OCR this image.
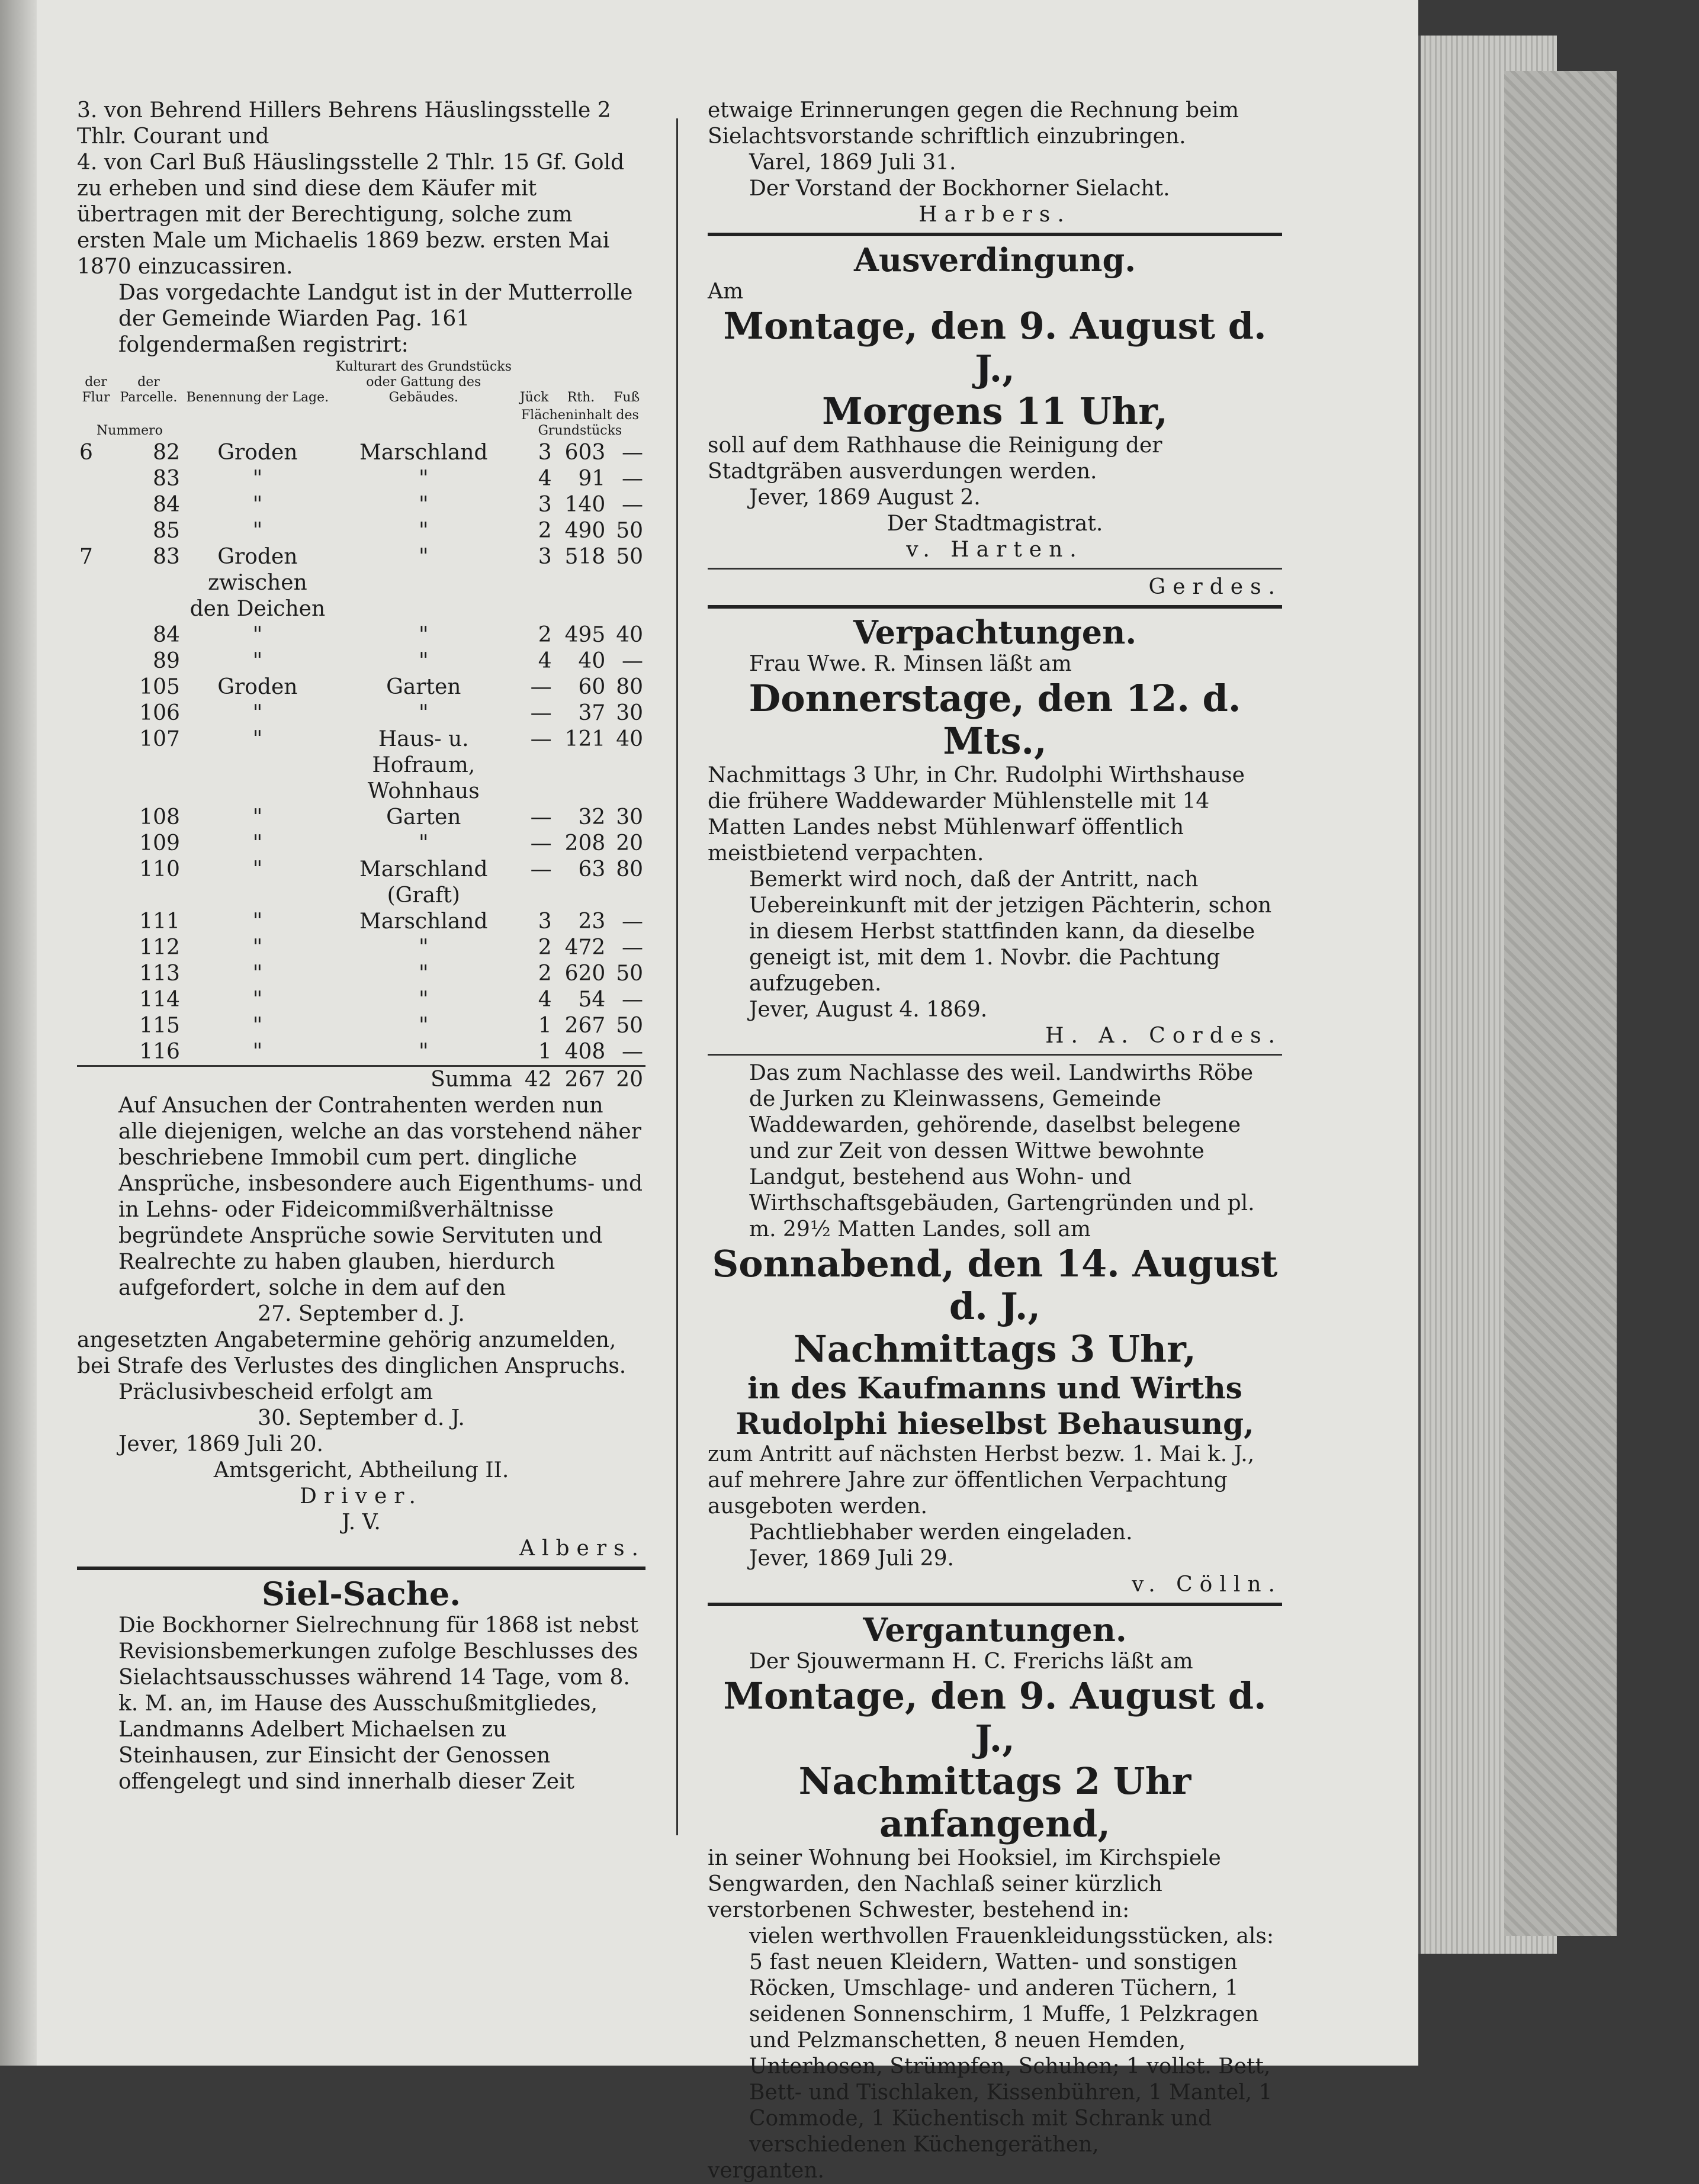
3. von Behrend Hillers Behrens Häuslingsstelle 2 Thlr. Courant und

4. von Carl Buß Häuslingsstelle 2 Thlr. 15 Gf. Gold

zu erheben und sind diese dem Käufer mit übertragen mit der Berechtigung, solche zum ersten Male um Michaelis 1869 bezw. ersten Mai 1870 einzucassiren.

Das vorgedachte Landgut ist in der Mutterrolle der Gemeinde Wiarden Pag. 161 folgendermaßen registrirt:

der Flur	der Parcelle.	Benennung der Lage.	Kulturart des Grundstücks oder Gattung des Gebäudes.	Jück	Rth.	Fuß
Nummero				Flächeninhalt des Grundstücks		
6	82	Groden	Marschland	3	603	—
	83	"	"	4	91	—
	84	"	"	3	140	—
	85	"	"	2	490	50
7	83	Groden zwischen den Deichen	"	3	518	50
	84	"	"	2	495	40
	89	"	"	4	40	—
	105	Groden	Garten	—	60	80
	106	"	"	—	37	30
	107	"	Haus- u. Hofraum, Wohnhaus	—	121	40
	108	"	Garten	—	32	30
	109	"	"	—	208	20
	110	"	Marschland (Graft)	—	63	80
	111	"	Marschland	3	23	—
	112	"	"	2	472	—
	113	"	"	2	620	50
	114	"	"	4	54	—
	115	"	"	1	267	50
	116	"	"	1	408	—
			Summa	42	267	20

Auf Ansuchen der Contrahenten werden nun alle diejenigen, welche an das vorstehend näher beschriebene Immobil cum pert. dingliche Ansprüche, insbesondere auch Eigenthums- und in Lehns- oder Fideicommißverhältnisse begründete Ansprüche sowie Servituten und Realrechte zu haben glauben, hierdurch aufgefordert, solche in dem auf den

27. September d. J.

angesetzten Angabetermine gehörig anzumelden, bei Strafe des Verlustes des dinglichen Anspruchs.

Präclusivbescheid erfolgt am

30. September d. J.

Jever, 1869 Juli 20.

Amtsgericht, Abtheilung II.

Driver.

J. V.

Albers.

Siel-Sache.

Die Bockhorner Sielrechnung für 1868 ist nebst Revisionsbemerkungen zufolge Beschlusses des Sielachtsausschusses während 14 Tage, vom 8. k. M. an, im Hause des Ausschußmitgliedes, Landmanns Adelbert Michaelsen zu Steinhausen, zur Einsicht der Genossen offengelegt und sind innerhalb dieser Zeit

etwaige Erinnerungen gegen die Rechnung beim Sielachtsvorstande schriftlich einzubringen.

Varel, 1869 Juli 31.

Der Vorstand der Bockhorner Sielacht.

Harbers.

Ausverdingung.

Am

Montage, den 9. August d. J.,

Morgens 11 Uhr,

soll auf dem Rathhause die Reinigung der Stadtgräben ausverdungen werden.

Jever, 1869 August 2.

Der Stadtmagistrat.

v. Harten.

Gerdes.

Verpachtungen.

Frau Wwe. R. Minsen läßt am

Donnerstage, den 12. d. Mts.,

Nachmittags 3 Uhr, in Chr. Rudolphi Wirthshause die frühere Waddewarder Mühlenstelle mit 14 Matten Landes nebst Mühlenwarf öffentlich meistbietend verpachten.

Bemerkt wird noch, daß der Antritt, nach Uebereinkunft mit der jetzigen Pächterin, schon in diesem Herbst stattfinden kann, da dieselbe geneigt ist, mit dem 1. Novbr. die Pachtung aufzugeben.

Jever, August 4. 1869.

H. A. Cordes.

Das zum Nachlasse des weil. Landwirths Röbe de Jurken zu Kleinwassens, Gemeinde Waddewarden, gehörende, daselbst belegene und zur Zeit von dessen Wittwe bewohnte Landgut, bestehend aus Wohn- und Wirthschaftsgebäuden, Gartengründen und pl. m. 29½ Matten Landes, soll am

Sonnabend, den 14. August d. J.,

Nachmittags 3 Uhr,

in des Kaufmanns und Wirths Rudolphi hieselbst Behausung,

zum Antritt auf nächsten Herbst bezw. 1. Mai k. J., auf mehrere Jahre zur öffentlichen Verpachtung ausgeboten werden.

Pachtliebhaber werden eingeladen.

Jever, 1869 Juli 29.

v. Cölln.

Vergantungen.

Der Sjouwermann H. C. Frerichs läßt am

Montage, den 9. August d. J.,

Nachmittags 2 Uhr anfangend,

in seiner Wohnung bei Hooksiel, im Kirchspiele Sengwarden, den Nachlaß seiner kürzlich verstorbenen Schwester, bestehend in:

vielen werthvollen Frauenkleidungsstücken, als: 5 fast neuen Kleidern, Watten- und sonstigen Röcken, Umschlage- und anderen Tüchern, 1 seidenen Sonnenschirm, 1 Muffe, 1 Pelzkragen und Pelzmanschetten, 8 neuen Hemden, Unterhosen, Strümpfen, Schuhen; 1 vollst. Bett, Bett- und Tischlaken, Kissenbühren, 1 Mantel, 1 Commode, 1 Küchentisch mit Schrank und verschiedenen Küchengeräthen,

verganten.
